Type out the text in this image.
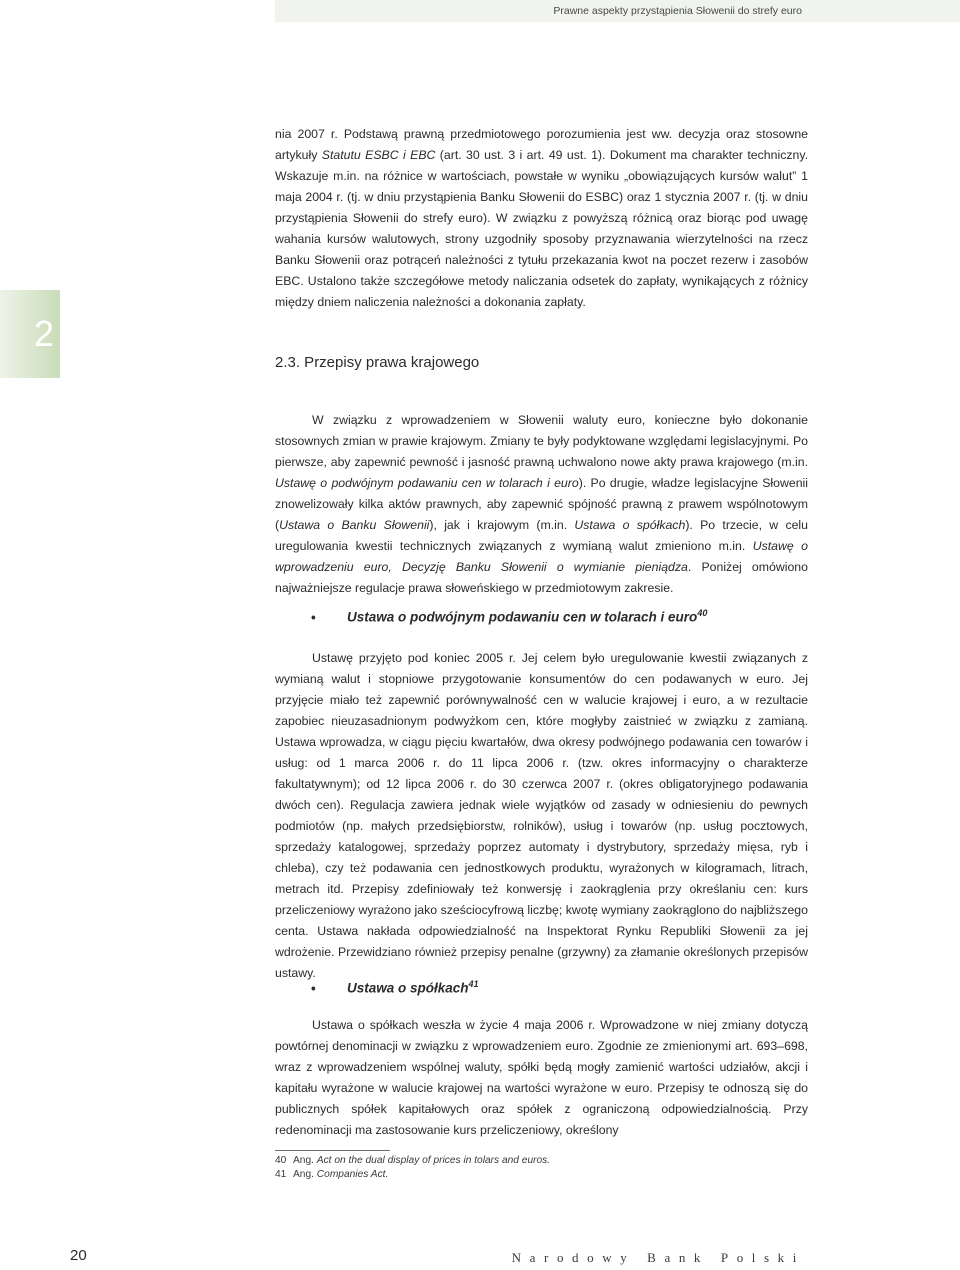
Prawne aspekty przystąpienia Słowenii do strefy euro
2

nia 2007 r. Podstawą prawną przedmiotowego porozumienia jest ww. decyzja oraz stosowne artykuły Statutu ESBC i EBC (art. 30 ust. 3 i art. 49 ust. 1). Dokument ma charakter techniczny. Wskazuje m.in. na różnice w wartościach, powstałe w wyniku „obowiązujących kursów walut” 1 maja 2004 r. (tj. w dniu przystąpienia Banku Słowenii do ESBC) oraz 1 stycznia 2007 r. (tj. w dniu przystąpienia Słowenii do strefy euro). W związku z powyższą różnicą oraz biorąc pod uwagę wahania kursów walutowych, strony uzgodniły sposoby przyznawania wierzytelności na rzecz Banku Słowenii oraz potrąceń należności z tytułu przekazania kwot na poczet rezerw i zasobów EBC. Ustalono także szczegółowe metody naliczania odsetek do zapłaty, wynikających z różnicy między dniem naliczenia należności a dokonania zapłaty.

2.3. Przepisy prawa krajowego

W związku z wprowadzeniem w Słowenii waluty euro, konieczne było dokonanie stosownych zmian w prawie krajowym. Zmiany te były podyktowane względami legislacyjnymi. Po pierwsze, aby zapewnić pewność i jasność prawną uchwalono nowe akty prawa krajowego (m.in. Ustawę o podwójnym podawaniu cen w tolarach i euro). Po drugie, władze legislacyjne Słowenii znowelizowały kilka aktów prawnych, aby zapewnić spójność prawną z prawem wspólnotowym (Ustawa o Banku Słowenii), jak i krajowym (m.in. Ustawa o spółkach). Po trzecie, w celu uregulowania kwestii technicznych związanych z wymianą walut zmieniono m.in. Ustawę o wprowadzeniu euro, Decyzję Banku Słowenii o wymianie pieniądza. Poniżej omówiono najważniejsze regulacje prawa słoweńskiego w przedmiotowym zakresie.

• Ustawa o podwójnym podawaniu cen w tolarach i euro$^{40}$

Ustawę przyjęto pod koniec 2005 r. Jej celem było uregulowanie kwestii związanych z wymianą walut i stopniowe przygotowanie konsumentów do cen podawanych w euro. Jej przyjęcie miało też zapewnić porównywalność cen w walucie krajowej i euro, a w rezultacie zapobiec nieuzasadnionym podwyżkom cen, które mogłyby zaistnieć w związku z zamianą. Ustawa wprowadza, w ciągu pięciu kwartałów, dwa okresy podwójnego podawania cen towarów i usług: od 1 marca 2006 r. do 11 lipca 2006 r. (tzw. okres informacyjny o charakterze fakultatywnym); od 12 lipca 2006 r. do 30 czerwca 2007 r. (okres obligatoryjnego podawania dwóch cen). Regulacja zawiera jednak wiele wyjątków od zasady w odniesieniu do pewnych podmiotów (np. małych przedsiębiorstw, rolników), usług i towarów (np. usług pocztowych, sprzedaży katalogowej, sprzedaży poprzez automaty i dystrybutory, sprzedaży mięsa, ryb i chleba), czy też podawania cen jednostkowych produktu, wyrażonych w kilogramach, litrach, metrach itd. Przepisy zdefiniowały też konwersję i zaokrąglenia przy określaniu cen: kurs przeliczeniowy wyrażono jako sześciocyfrową liczbę; kwotę wymiany zaokrąglono do najbliższego centa. Ustawa nakłada odpowiedzialność na Inspektorat Rynku Republiki Słowenii za jej wdrożenie. Przewidziano również przepisy penalne (grzywny) za złamanie określonych przepisów ustawy.

• Ustawa o spółkach$^{41}$

Ustawa o spółkach weszła w życie 4 maja 2006 r. Wprowadzone w niej zmiany dotyczą powtórnej denominacji w związku z wprowadzeniem euro. Zgodnie ze zmienionymi art. 693–698, wraz z wprowadzeniem wspólnej waluty, spółki będą mogły zamienić wartości udziałów, akcji i kapitału wyrażone w walucie krajowej na wartości wyrażone w euro. Przepisy te odnoszą się do publicznych spółek kapitałowych oraz spółek z ograniczoną odpowiedzialnością. Przy redenominacji ma zastosowanie kurs przeliczeniowy, określony

40 Ang. Act on the dual display of prices in tolars and euros.
41 Ang. Companies Act.
20	Narodowy Bank Polski
